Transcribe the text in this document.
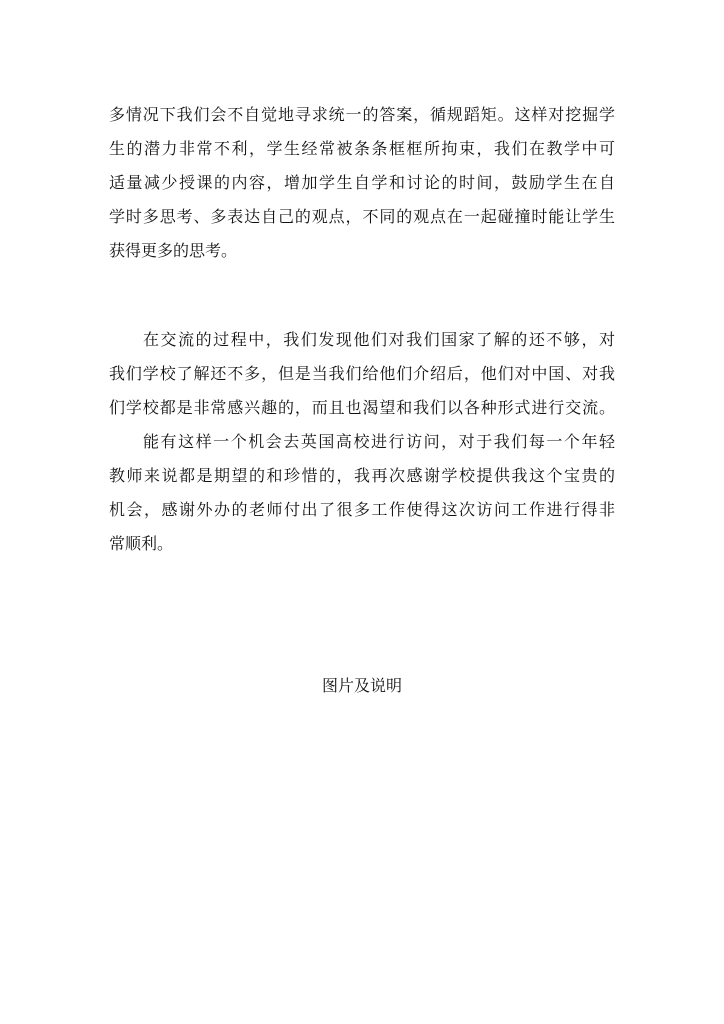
多情况下我们会不自觉地寻求统一的答案，循规蹈矩。这样对挖掘学
生的潜力非常不利，学生经常被条条框框所拘束，我们在教学中可
适量减少授课的内容，增加学生自学和讨论的时间，鼓励学生在自
学时多思考、多表达自己的观点，不同的观点在一起碰撞时能让学生
获得更多的思考。
在交流的过程中，我们发现他们对我们国家了解的还不够，对
我们学校了解还不多，但是当我们给他们介绍后，他们对中国、对我
们学校都是非常感兴趣的，而且也渴望和我们以各种形式进行交流。
能有这样一个机会去英国高校进行访问，对于我们每一个年轻
教师来说都是期望的和珍惜的，我再次感谢学校提供我这个宝贵的
机会，感谢外办的老师付出了很多工作使得这次访问工作进行得非
常顺利。
图片及说明
